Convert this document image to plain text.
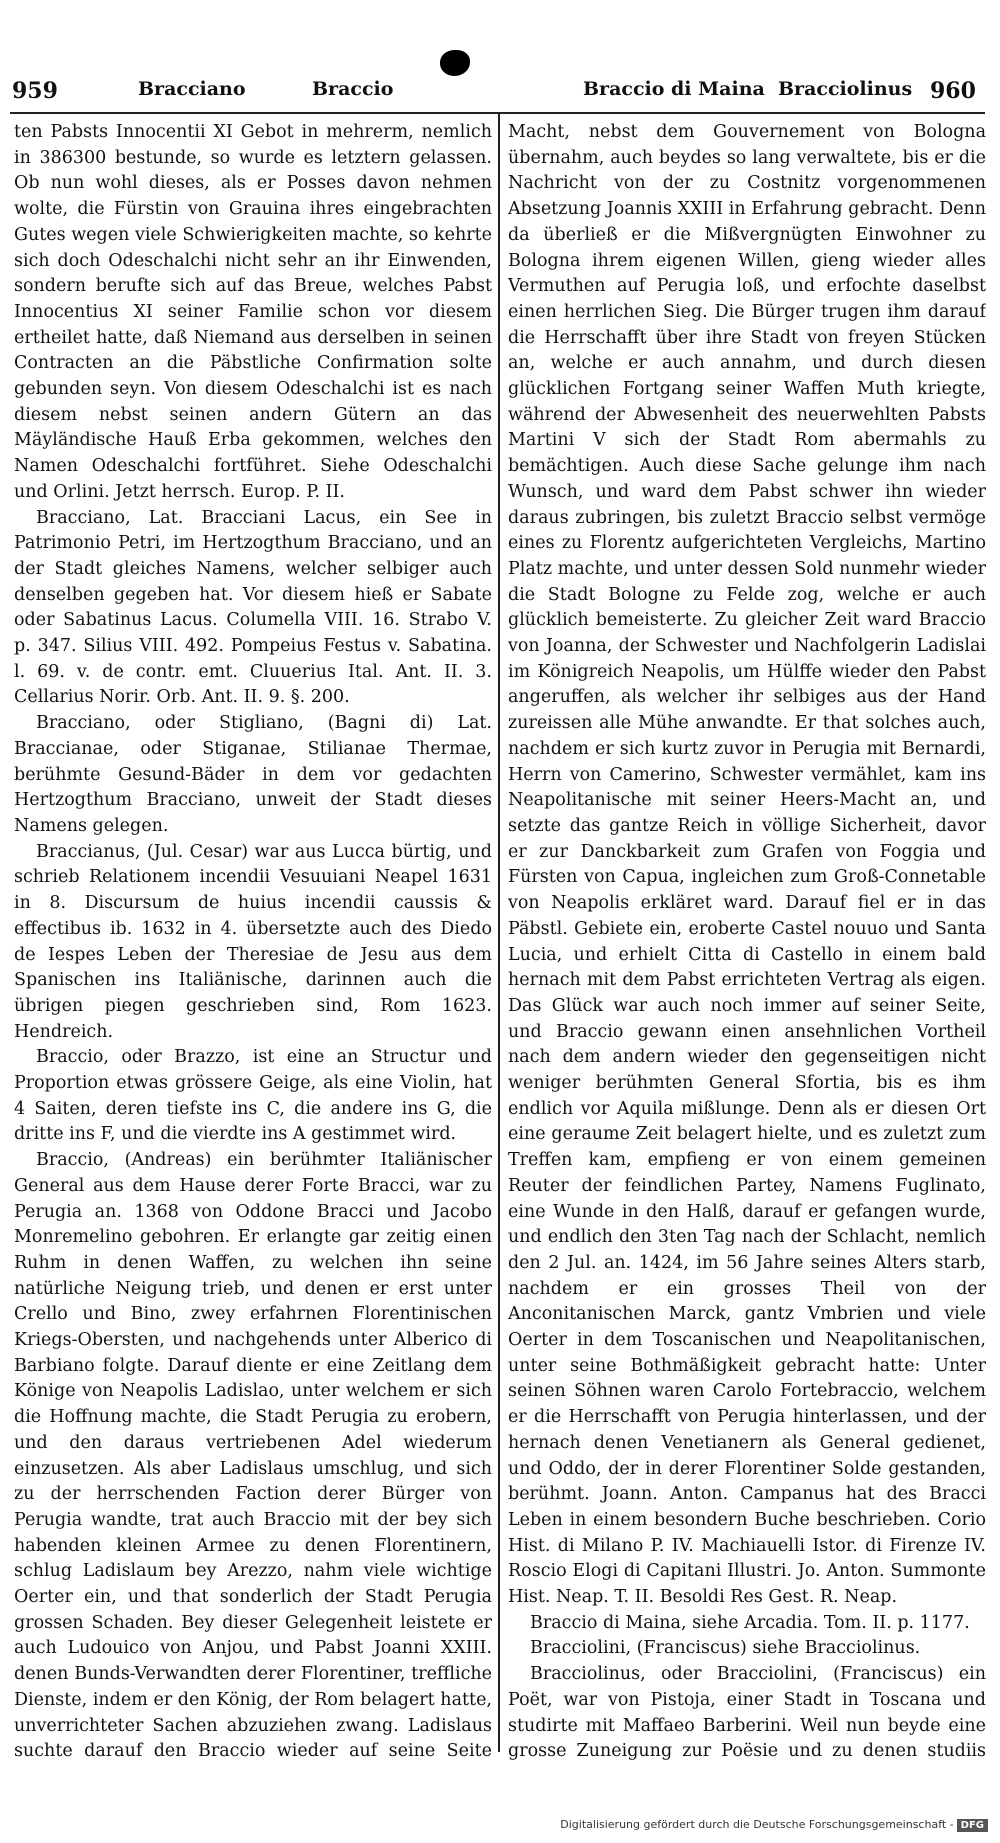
959	Bracciano	Braccio	Braccio di Maina Bracciolinus 960

ten Pabsts Innocentii XI Gebot in mehrerm, nemlich in 386300 bestunde, so wurde es letztern gelassen. Ob nun wohl dieses, als er Posses davon nehmen wolte, die Fürstin von Grauina ihres eingebrachten Gutes wegen viele Schwierigkeiten machte, so kehrte sich doch Odeschalchi nicht sehr an ihr Einwenden, sondern berufte sich auf das Breue, welches Pabst Innocentius XI seiner Familie schon vor diesem ertheilet hatte, daß Niemand aus derselben in seinen Contracten an die Päbstliche Confirmation solte gebunden seyn. Von diesem Odeschalchi ist es nach diesem nebst seinen andern Gütern an das Mäyländische Hauß Erba gekommen, welches den Namen Odeschalchi fortführet. Siehe Odeschalchi und Orlini. Jetzt herrsch. Europ. P. II.

Bracciano, Lat. Bracciani Lacus, ein See in Patrimonio Petri, im Hertzogthum Bracciano, und an der Stadt gleiches Namens, welcher selbiger auch denselben gegeben hat. Vor diesem hieß er Sabate oder Sabatinus Lacus. Columella VIII. 16. Strabo V. p. 347. Silius VIII. 492. Pompeius Festus v. Sabatina. l. 69. v. de contr. emt. Cluuerius Ital. Ant. II. 3. Cellarius Norir. Orb. Ant. II. 9. §. 200.

Bracciano, oder Stigliano, (Bagni di) Lat. Braccianae, oder Stiganae, Stilianae Thermae, berühmte Gesund-Bäder in dem vor gedachten Hertzogthum Bracciano, unweit der Stadt dieses Namens gelegen.

Braccianus, (Jul. Cesar) war aus Lucca bürtig, und schrieb Relationem incendii Vesuuiani Neapel 1631 in 8. Discursum de huius incendii caussis & effectibus ib. 1632 in 4. übersetzte auch des Diedo de Iespes Leben der Theresiae de Jesu aus dem Spanischen ins Italiänische, darinnen auch die übrigen piegen geschrieben sind, Rom 1623. Hendreich.

Braccio, oder Brazzo, ist eine an Structur und Proportion etwas grössere Geige, als eine Violin, hat 4 Saiten, deren tiefste ins C, die andere ins G, die dritte ins F, und die vierdte ins A gestimmet wird.

Braccio, (Andreas) ein berühmter Italiänischer General aus dem Hause derer Forte Bracci, war zu Perugia an. 1368 von Oddone Bracci und Jacobo Monremelino gebohren. Er erlangte gar zeitig einen Ruhm in denen Waffen, zu welchen ihn seine natürliche Neigung trieb, und denen er erst unter Crello und Bino, zwey erfahrnen Florentinischen Kriegs-Obersten, und nachgehends unter Alberico di Barbiano folgte. Darauf diente er eine Zeitlang dem Könige von Neapolis Ladislao, unter welchem er sich die Hoffnung machte, die Stadt Perugia zu erobern, und den daraus vertriebenen Adel wiederum einzusetzen. Als aber Ladislaus umschlug, und sich zu der herrschenden Faction derer Bürger von Perugia wandte, trat auch Braccio mit der bey sich habenden kleinen Armee zu denen Florentinern, schlug Ladislaum bey Arezzo, nahm viele wichtige Oerter ein, und that sonderlich der Stadt Perugia grossen Schaden. Bey dieser Gelegenheit leistete er auch Ludouico von Anjou, und Pabst Joanni XXIII. denen Bunds-Verwandten derer Florentiner, treffliche Dienste, indem er den König, der Rom belagert hatte, unverrichteter Sachen abzuziehen zwang. Ladislaus suchte darauf den Braccio wieder auf seine Seite

Macht, nebst dem Gouvernement von Bologna übernahm, auch beydes so lang verwaltete, bis er die Nachricht von der zu Costnitz vorgenommenen Absetzung Joannis XXIII in Erfahrung gebracht. Denn da überließ er die Mißvergnügten Einwohner zu Bologna ihrem eigenen Willen, gieng wieder alles Vermuthen auf Perugia loß, und erfochte daselbst einen herrlichen Sieg. Die Bürger trugen ihm darauf die Herrschafft über ihre Stadt von freyen Stücken an, welche er auch annahm, und durch diesen glücklichen Fortgang seiner Waffen Muth kriegte, während der Abwesenheit des neuerwehlten Pabsts Martini V sich der Stadt Rom abermahls zu bemächtigen. Auch diese Sache gelunge ihm nach Wunsch, und ward dem Pabst schwer ihn wieder daraus zubringen, bis zuletzt Braccio selbst vermöge eines zu Florentz aufgerichteten Vergleichs, Martino Platz machte, und unter dessen Sold nunmehr wieder die Stadt Bologne zu Felde zog, welche er auch glücklich bemeisterte. Zu gleicher Zeit ward Braccio von Joanna, der Schwester und Nachfolgerin Ladislai im Königreich Neapolis, um Hülffe wieder den Pabst angeruffen, als welcher ihr selbiges aus der Hand zureissen alle Mühe anwandte. Er that solches auch, nachdem er sich kurtz zuvor in Perugia mit Bernardi, Herrn von Camerino, Schwester vermählet, kam ins Neapolitanische mit seiner Heers-Macht an, und setzte das gantze Reich in völlige Sicherheit, davor er zur Danckbarkeit zum Grafen von Foggia und Fürsten von Capua, ingleichen zum Groß-Connetable von Neapolis erkläret ward. Darauf fiel er in das Päbstl. Gebiete ein, eroberte Castel nouuo und Santa Lucia, und erhielt Citta di Castello in einem bald hernach mit dem Pabst errichteten Vertrag als eigen. Das Glück war auch noch immer auf seiner Seite, und Braccio gewann einen ansehnlichen Vortheil nach dem andern wieder den gegenseitigen nicht weniger berühmten General Sfortia, bis es ihm endlich vor Aquila mißlunge. Denn als er diesen Ort eine geraume Zeit belagert hielte, und es zuletzt zum Treffen kam, empfieng er von einem gemeinen Reuter der feindlichen Partey, Namens Fuglinato, eine Wunde in den Halß, darauf er gefangen wurde, und endlich den 3ten Tag nach der Schlacht, nemlich den 2 Jul. an. 1424, im 56 Jahre seines Alters starb, nachdem er ein grosses Theil von der Anconitanischen Marck, gantz Vmbrien und viele Oerter in dem Toscanischen und Neapolitanischen, unter seine Bothmäßigkeit gebracht hatte: Unter seinen Söhnen waren Carolo Fortebraccio, welchem er die Herrschafft von Perugia hinterlassen, und der hernach denen Venetianern als General gedienet, und Oddo, der in derer Florentiner Solde gestanden, berühmt. Joann. Anton. Campanus hat des Bracci Leben in einem besondern Buche beschrieben. Corio Hist. di Milano P. IV. Machiauelli Istor. di Firenze IV. Roscio Elogi di Capitani Illustri. Jo. Anton. Summonte Hist. Neap. T. II. Besoldi Res Gest. R. Neap.

Braccio di Maina, siehe Arcadia. Tom. II. p. 1177.

Bracciolini, (Franciscus) siehe Bracciolinus.

Bracciolinus, oder Bracciolini, (Franciscus) ein Poët, war von Pistoja, einer Stadt in Toscana und studirte mit Maffaeo Barberini. Weil nun beyde eine grosse Zuneigung zur Poësie und zu denen studiis

Digitalisierung gefördert durch die Deutsche Forschungsgemeinschaft - DFG
